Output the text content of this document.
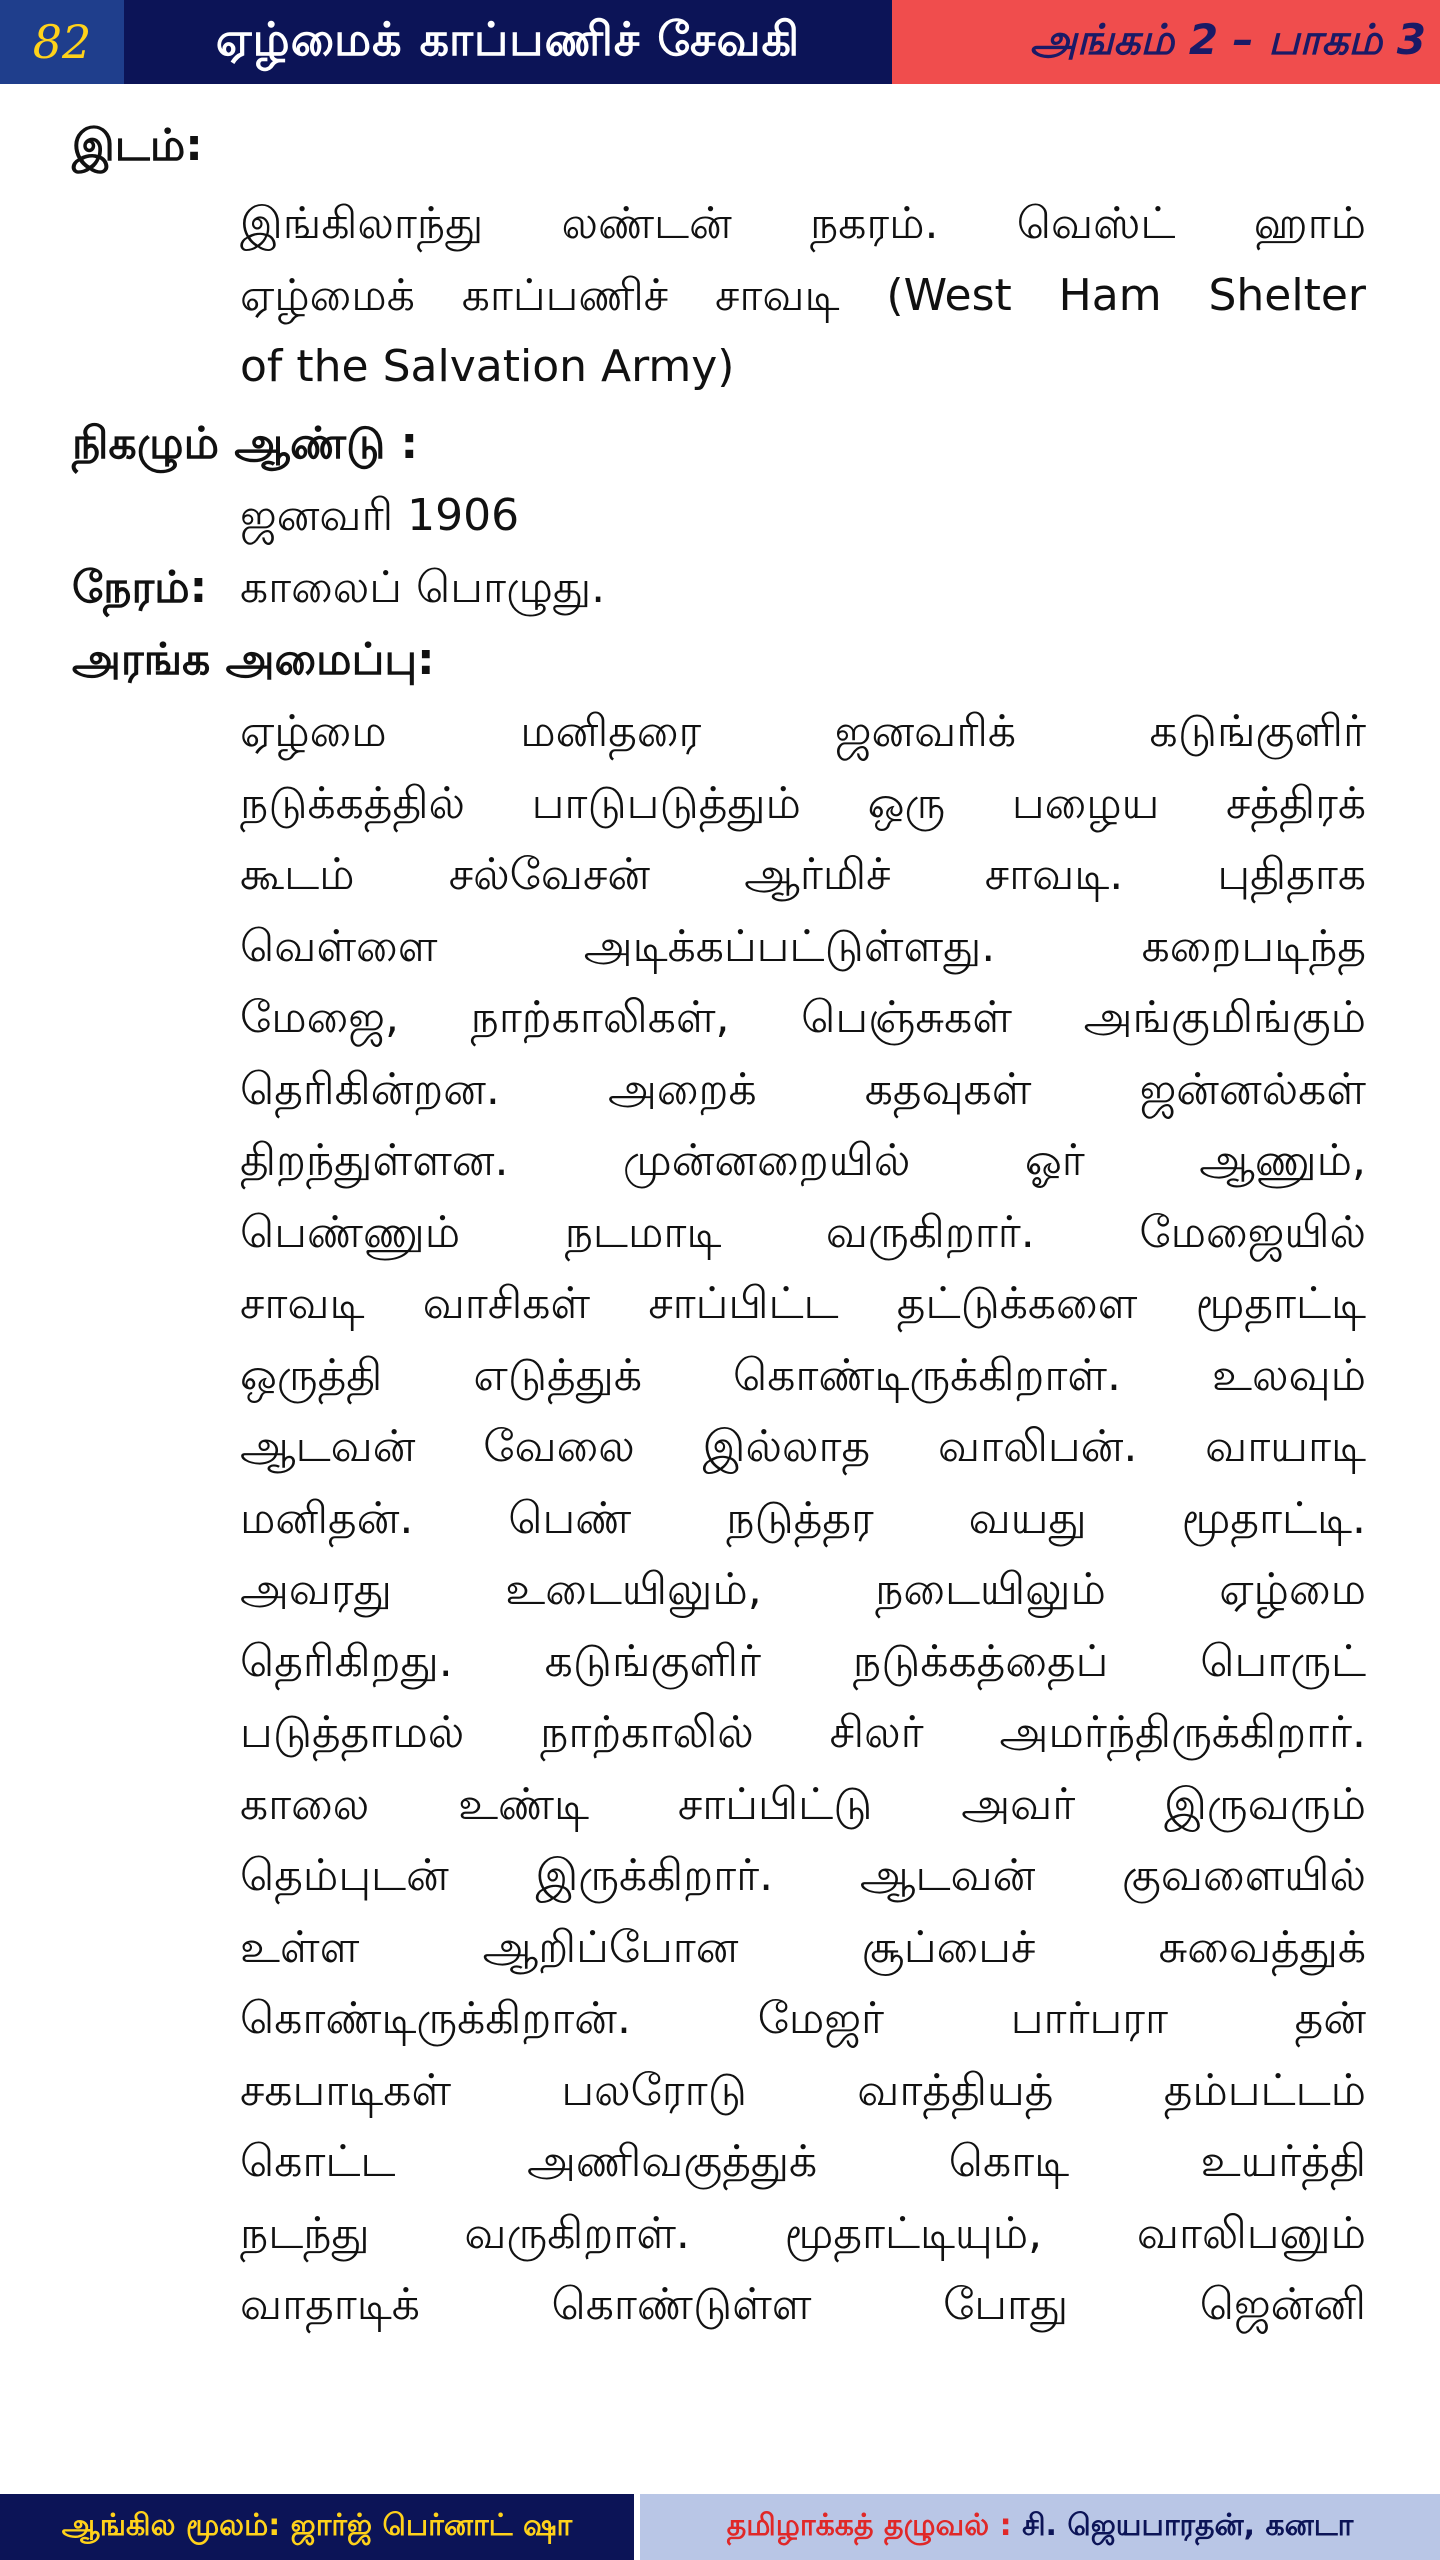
82	ஏழ்மைக் காப்பணிச் சேவகி	அங்கம் 2 – பாகம் 3
இடம்:
இங்கிலாந்து லண்டன் நகரம். வெஸ்ட் ஹாம்
ஏழ்மைக் காப்பணிச் சாவடி (West Ham Shelter
of the Salvation Army)
நிகழும் ஆண்டு :
ஜனவரி 1906
நேரம்: காலைப் பொழுது.
அரங்க அமைப்பு:
ஏழ்மை மனிதரை ஜனவரிக் கடுங்குளிர்
நடுக்கத்தில் பாடுபடுத்தும் ஒரு பழைய சத்திரக்
கூடம் சல்வேசன் ஆர்மிச் சாவடி. புதிதாக
வெள்ளை அடிக்கப்பட்டுள்ளது. கறைபடிந்த
மேஜை, நாற்காலிகள், பெஞ்சுகள் அங்குமிங்கும்
தெரிகின்றன. அறைக் கதவுகள் ஜன்னல்கள்
திறந்துள்ளன. முன்னறையில் ஓர் ஆணும்,
பெண்ணும் நடமாடி வருகிறார். மேஜையில்
சாவடி வாசிகள் சாப்பிட்ட தட்டுக்களை மூதாட்டி
ஒருத்தி எடுத்துக் கொண்டிருக்கிறாள். உலவும்
ஆடவன் வேலை இல்லாத வாலிபன். வாயாடி
மனிதன். பெண் நடுத்தர வயது மூதாட்டி.
அவரது உடையிலும், நடையிலும் ஏழ்மை
தெரிகிறது. கடுங்குளிர் நடுக்கத்தைப் பொருட்
படுத்தாமல் நாற்காலில் சிலர் அமர்ந்திருக்கிறார்.
காலை உண்டி சாப்பிட்டு அவர் இருவரும்
தெம்புடன் இருக்கிறார். ஆடவன் குவளையில்
உள்ள ஆறிப்போன சூப்பைச் சுவைத்துக்
கொண்டிருக்கிறான். மேஜர் பார்பரா தன்
சகபாடிகள் பலரோடு வாத்தியத் தம்பட்டம்
கொட்ட அணிவகுத்துக் கொடி உயர்த்தி
நடந்து வருகிறாள். மூதாட்டியும், வாலிபனும்
வாதாடிக் கொண்டுள்ள போது ஜென்னி
ஆங்கில மூலம்:
ஜார்ஜ் பெர்னாட் ஷா	தமிழாக்கத் தழுவல் :
சி. ஜெயபாரதன், கனடா
